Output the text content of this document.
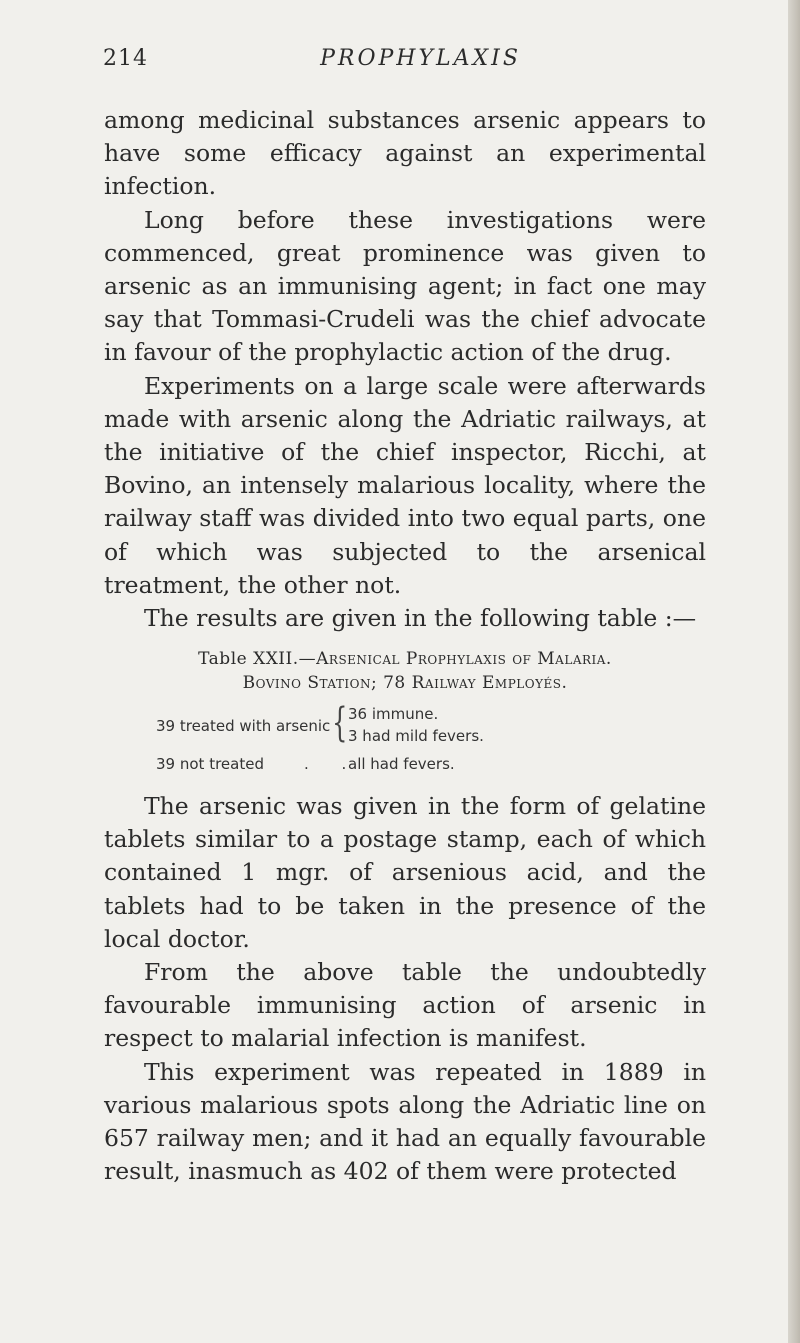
214	PROPHYLAXIS

among medicinal substances arsenic appears to have some efficacy against an experimental infection.

Long before these investigations were commenced, great prominence was given to arsenic as an immunising agent; in fact one may say that Tommasi-Crudeli was the chief advocate in favour of the prophylactic action of the drug.

Experiments on a large scale were afterwards made with arsenic along the Adriatic railways, at the initiative of the chief inspector, Ricchi, at Bovino, an intensely malarious locality, where the railway staff was divided into two equal parts, one of which was subjected to the arsenical treatment, the other not.

The results are given in the following table :—

Table XXII.—Arsenical Prophylaxis of Malaria.
Bovino Station; 78 Railway Employés.
39 treated with arsenic { 36 immune.
3 had mild fevers.
39 not treated	. .
all had fevers.

The arsenic was given in the form of gelatine tablets similar to a postage stamp, each of which contained 1 mgr. of arsenious acid, and the tablets had to be taken in the presence of the local doctor.

From the above table the undoubtedly favourable immunising action of arsenic in respect to malarial infection is manifest.

This experiment was repeated in 1889 in various malarious spots along the Adriatic line on 657 railway men; and it had an equally favourable result, inasmuch as 402 of them were protected
